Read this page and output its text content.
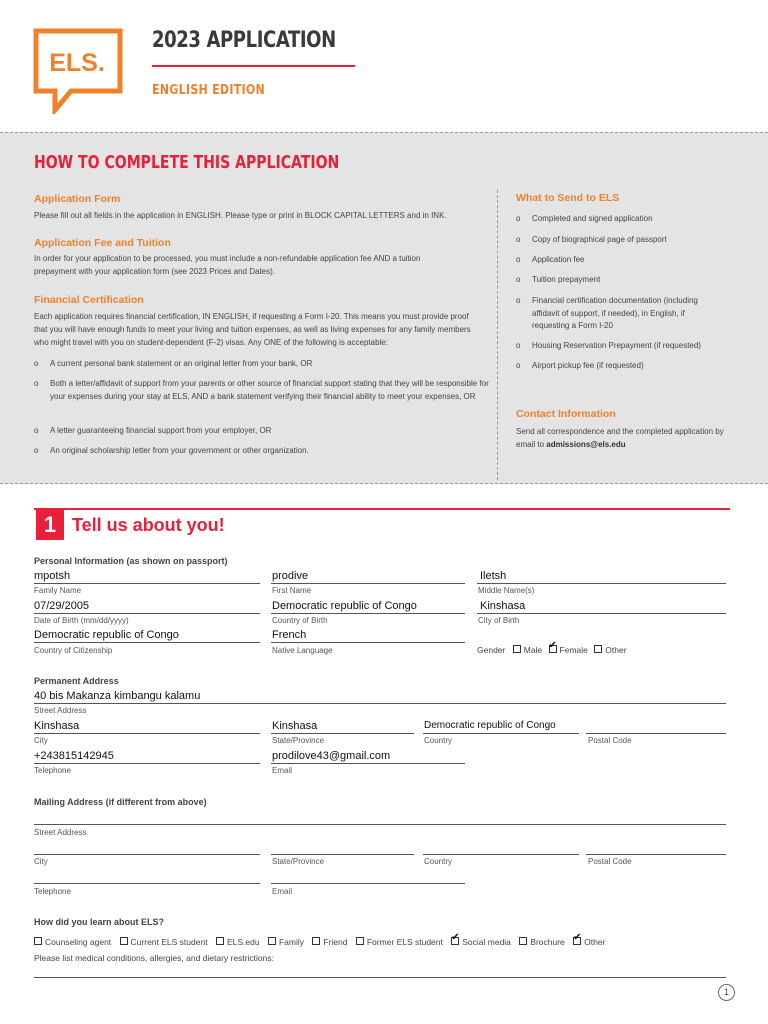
ELS.
2023 APPLICATION
ENGLISH EDITION
HOW TO COMPLETE THIS APPLICATION
Application Form
Please fill out all fields in the application in ENGLISH. Please type or print in BLOCK CAPITAL LETTERS and in INK.
Application Fee and Tuition
In order for your application to be processed, you must include a non-refundable application fee AND a tuition prepayment with your application form (see 2023 Prices and Dates).
Financial Certification
Each application requires financial certification, IN ENGLISH, if requesting a Form I-20. This means you must provide proof that you will have enough funds to meet your living and tuition expenses, as well as living expenses for any family members who might travel with you on student-dependent (F-2) visas. Any ONE of the following is acceptable:
o A current personal bank statement or an original letter from your bank, OR
o Both a letter/affidavit of support from your parents or other source of financial support stating that they will be responsible for your expenses during your stay at ELS, AND a bank statement verifying their financial ability to meet your expenses, OR
o A letter guaranteeing financial support from your employer, OR
o An original scholarship letter from your government or other organization.
What to Send to ELS
o Completed and signed application
o Copy of biographical page of passport
o Application fee
o Tuition prepayment
o Financial certification documentation (including affidavit of support, if needed), in English, if requesting a Form I-20
o Housing Reservation Prepayment (if requested)
o Airport pickup fee (if requested)
Contact Information
Send all correspondence and the completed application by email to admissions@els.edu
1 Tell us about you!
Personal Information (as shown on passport)
mpotsh
Family Name
prodive
First Name
Iletsh
Middle Name(s)
07/29/2005
Date of Birth (mm/dd/yyyy)
Democratic republic of Congo
Country of Birth
Kinshasa
City of Birth
Democratic republic of Congo
Country of Citizenship
French
Native Language	Gender Male ✔ Female Other
Permanent Address
40 bis Makanza kimbangu kalamu
Street Address
Kinshasa
City
Kinshasa
State/Province
Democratic republic of Congo
Country	Postal Code
+243815142945
Telephone
prodilove43@gmail.com
Email
Mailing Address (if different from above)
Street Address
City	State/Province	Country	Postal Code
Telephone	Email
How did you learn about ELS?
Counseling agent Current ELS student ELS.edu Family Friend Former ELS student ✔ Social media Brochure ✔ Other
Please list medical conditions, allergies, and dietary restrictions:
1
